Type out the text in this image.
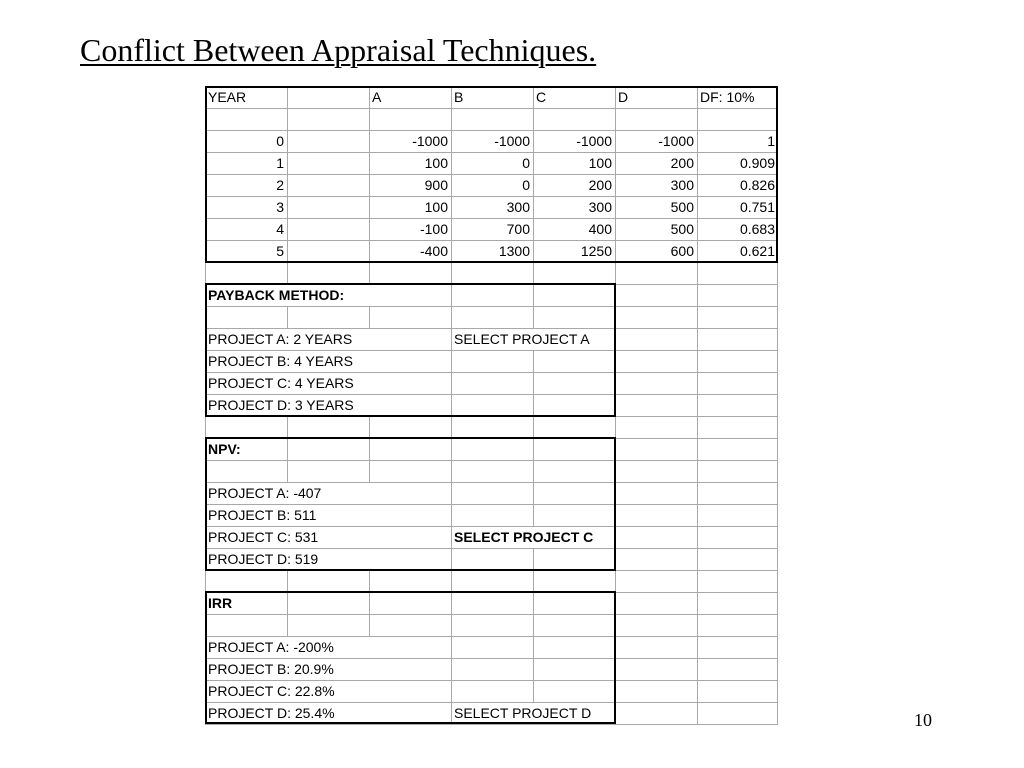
Conflict Between Appraisal Techniques.
YEAR	A	B	C	D	DF: 10%
0	-1000	-1000	-1000	-1000	1
1	100	0	100	200	0.909
2	900	0	200	300	0.826
3	100	300	300	500	0.751
4	-100	700	400	500	0.683
5	-400	1300	1250	600	0.621
PAYBACK METHOD:
PROJECT A: 2 YEARS	SELECT PROJECT A
PROJECT B: 4 YEARS
PROJECT C: 4 YEARS
PROJECT D: 3 YEARS
NPV:
PROJECT A: -407
PROJECT B: 511
PROJECT C: 531	SELECT PROJECT C
PROJECT D: 519
IRR
PROJECT A: -200%
PROJECT B: 20.9%
PROJECT C: 22.8%
PROJECT D: 25.4%	SELECT PROJECT D	10
